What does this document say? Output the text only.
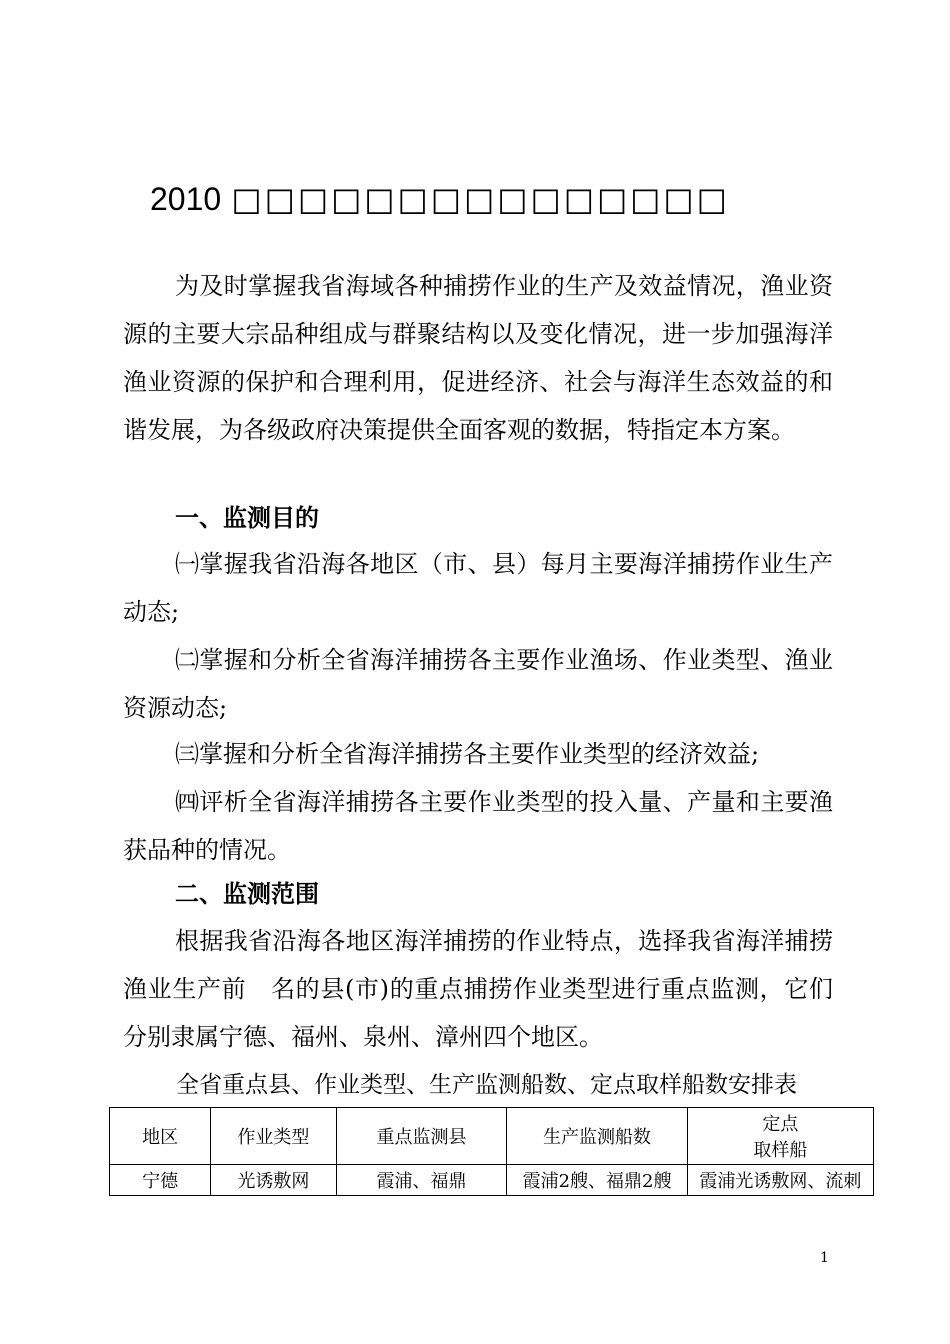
2010 □□□□□□□□□□□□□□□

为及时掌握我省海域各种捕捞作业的生产及效益情况，渔业资源的主要大宗品种组成与群聚结构以及变化情况，进一步加强海洋渔业资源的保护和合理利用，促进经济、社会与海洋生态效益的和谐发展，为各级政府决策提供全面客观的数据，特指定本方案。

一、监测目的

㈠掌握我省沿海各地区（市、县）每月主要海洋捕捞作业生产动态;

㈡掌握和分析全省海洋捕捞各主要作业渔场、作业类型、渔业资源动态;

㈢掌握和分析全省海洋捕捞各主要作业类型的经济效益;

㈣评析全省海洋捕捞各主要作业类型的投入量、产量和主要渔获品种的情况。

二、监测范围

根据我省沿海各地区海洋捕捞的作业特点，选择我省海洋捕捞渔业生产前　名的县(市)的重点捕捞作业类型进行重点监测，它们分别隶属宁德、福州、泉州、漳州四个地区。

全省重点县、作业类型、生产监测船数、定点取样船数安排表
地区	作业类型	重点监测县	生产监测船数	定点
取样船

宁德	光诱敷网	霞浦、福鼎	霞浦2艘、福鼎2艘	霞浦光诱敷网、流刺
1
